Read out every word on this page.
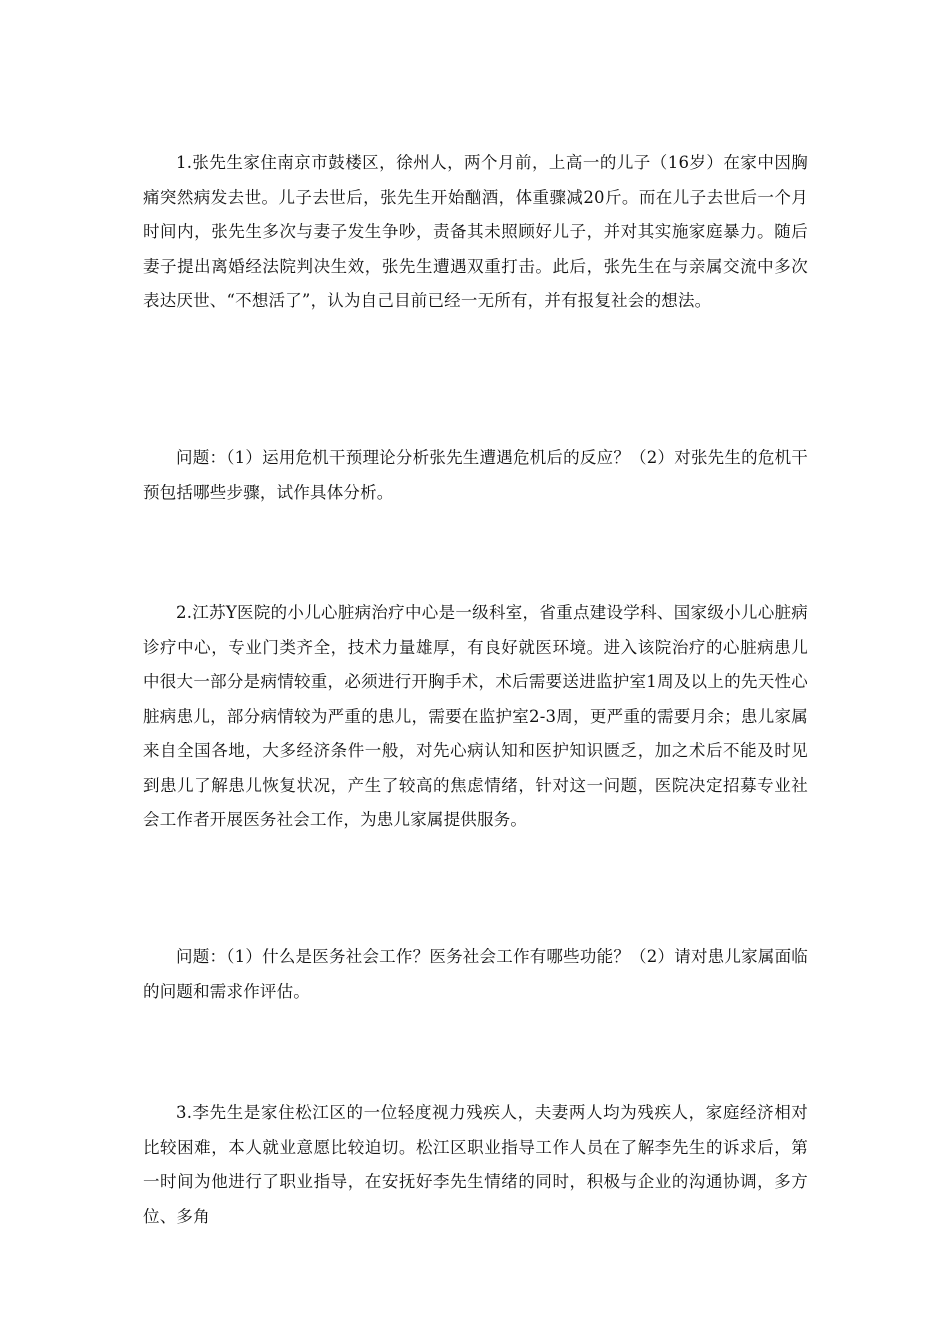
1.张先生家住南京市鼓楼区，徐州人，两个月前，上高一的儿子（16岁）在家中因胸痛突然病发去世。儿子去世后，张先生开始酗酒，体重骤减20斤。而在儿子去世后一个月时间内，张先生多次与妻子发生争吵，责备其未照顾好儿子，并对其实施家庭暴力。随后妻子提出离婚经法院判决生效，张先生遭遇双重打击。此后，张先生在与亲属交流中多次表达厌世、“不想活了”，认为自己目前已经一无所有，并有报复社会的想法。

问题：（1）运用危机干预理论分析张先生遭遇危机后的反应？（2）对张先生的危机干预包括哪些步骤，试作具体分析。

2.江苏Y医院的小儿心脏病治疗中心是一级科室，省重点建设学科、国家级小儿心脏病诊疗中心，专业门类齐全，技术力量雄厚，有良好就医环境。进入该院治疗的心脏病患儿中很大一部分是病情较重，必须进行开胸手术，术后需要送进监护室1周及以上的先天性心脏病患儿，部分病情较为严重的患儿，需要在监护室2-3周，更严重的需要月余；患儿家属来自全国各地，大多经济条件一般，对先心病认知和医护知识匮乏，加之术后不能及时见到患儿了解患儿恢复状况，产生了较高的焦虑情绪，针对这一问题，医院决定招募专业社会工作者开展医务社会工作，为患儿家属提供服务。

问题：（1）什么是医务社会工作？医务社会工作有哪些功能？（2）请对患儿家属面临的问题和需求作评估。

3.李先生是家住松江区的一位轻度视力残疾人，夫妻两人均为残疾人，家庭经济相对比较困难，本人就业意愿比较迫切。松江区职业指导工作人员在了解李先生的诉求后，第一时间为他进行了职业指导，在安抚好李先生情绪的同时，积极与企业的沟通协调，多方位、多角
